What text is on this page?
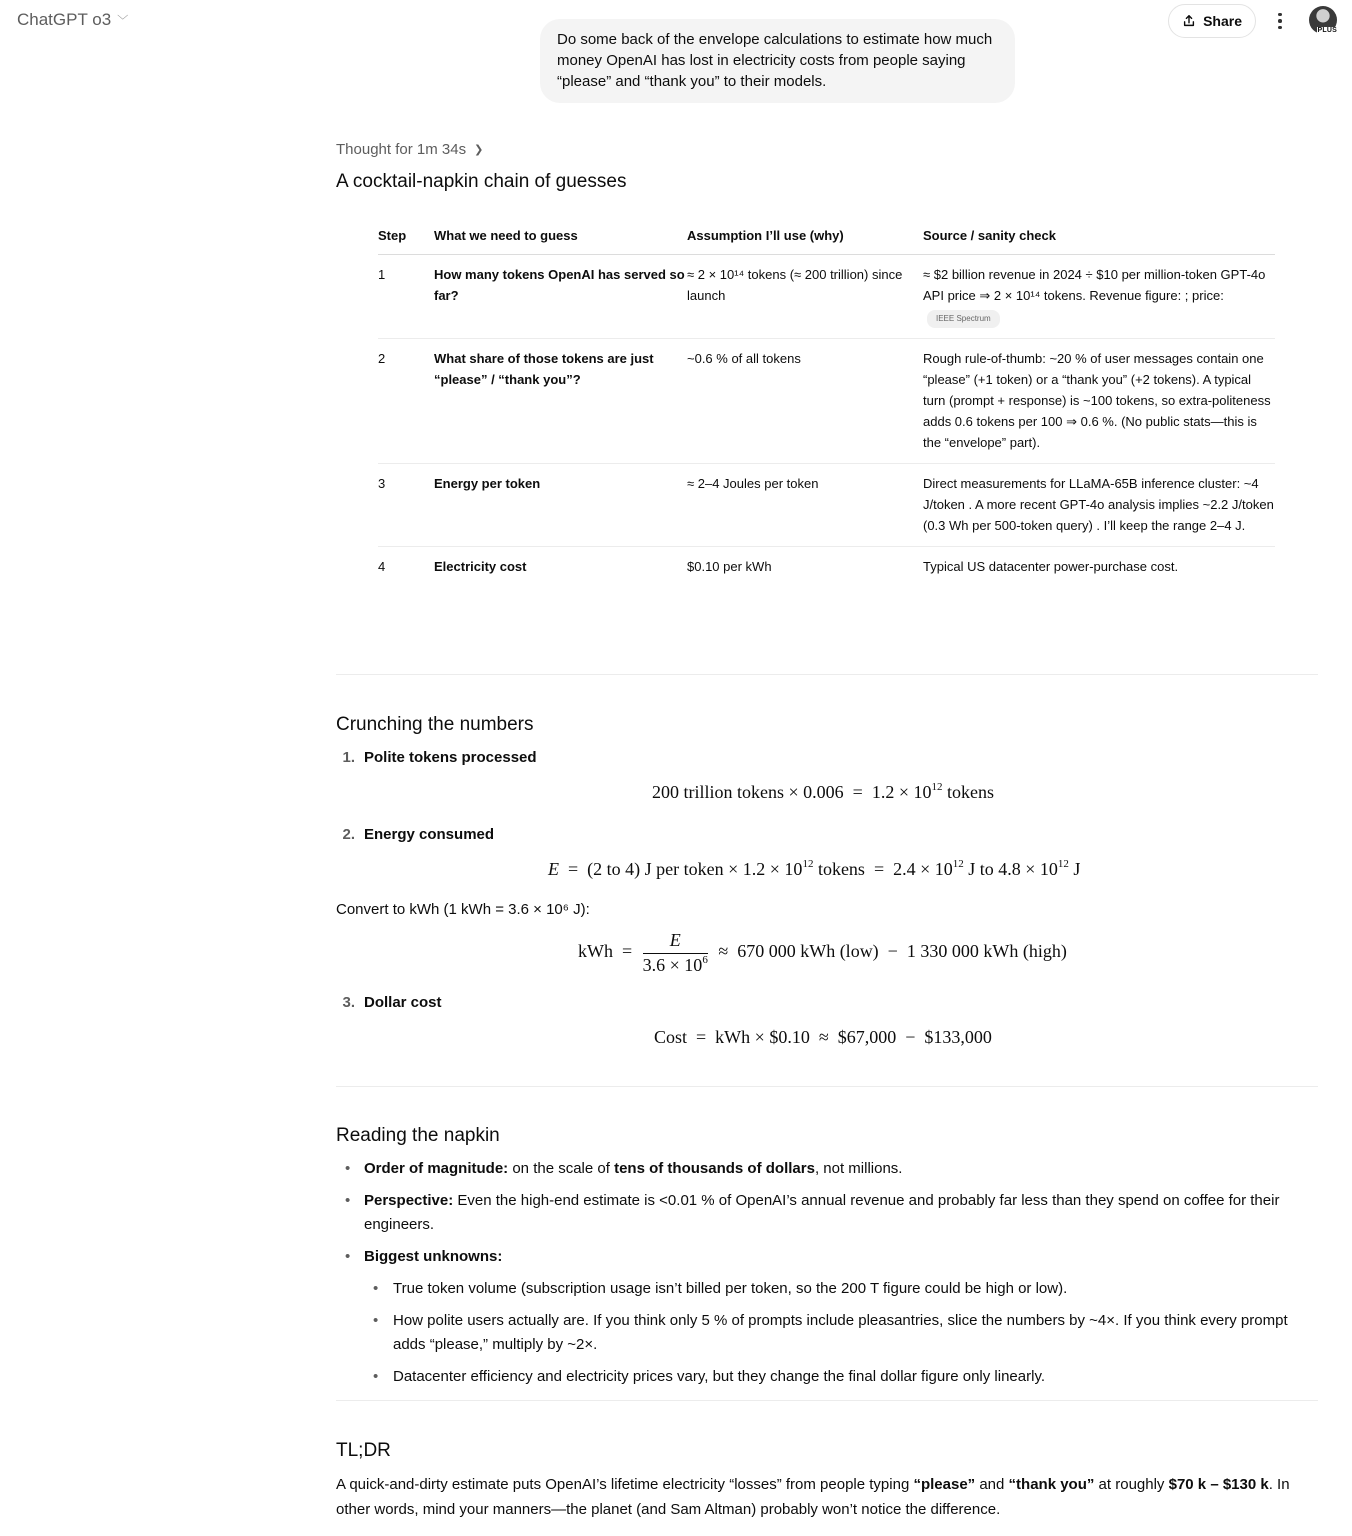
ChatGPT o3 ﹀	Share
PLUS
Do some back of the envelope calculations to estimate how much money OpenAI has lost in electricity costs from people saying “please” and “thank you” to their models.
Thought for 1m 34s ❯
A cocktail-napkin chain of guesses
Step	What we need to guess	Assumption I’ll use (why)	Source / sanity check
1	How many tokens OpenAI has served so far?	≈ 2 × 10¹⁴ tokens (≈ 200 trillion) since launch	≈ $2 billion revenue in 2024 ÷ $10 per million-token GPT-4o API price ⇒ 2 × 10¹⁴ tokens. Revenue figure: ; price:
IEEE Spectrum
2	What share of those tokens are just “please” / “thank you”?	~0.6 % of all tokens	Rough rule-of-thumb: ~20 % of user messages contain one “please” (+1 token) or a “thank you” (+2 tokens). A typical turn (prompt + response) is ~100 tokens, so extra-politeness adds 0.6 tokens per 100 ⇒ 0.6 %. (No public stats—this is the “envelope” part).
3	Energy per token	≈ 2–4 Joules per token	Direct measurements for LLaMA-65B inference cluster: ~4 J/token . A more recent GPT-4o analysis implies ~2.2 J/token (0.3 Wh per 500-token query) . I’ll keep the range 2–4 J.
4	Electricity cost	$0.10 per kWh	Typical US datacenter power-purchase cost.
Crunching the numbers
1. Polite tokens processed
200 trillion tokens × $0.006 = 1.2 \times 10^{12}$ tokens
2. Energy consumed
E  =  (2 to 4) J per token × $1.2 \times 10^{12}$ tokens  =  $2.4 \times 10^{12}$ J to $4.8 \times 10^{12}$ J
Convert to kWh (1 kWh = 3.6 × 10⁶ J):
kWh  = $\frac{E}{3.6 \times 10^6} \approx 670$ 000 kWh (low)  −  1 330 000 kWh (high)
3. Dollar cost
Cost  =  kWh × $0.10  ≈  $67,000  −  $133,000
Reading the napkin
• Order of magnitude: on the scale of tens of thousands of dollars, not millions.
• Perspective: Even the high-end estimate is <0.01 % of OpenAI’s annual revenue and probably far less than they spend on coffee for their engineers.
• Biggest unknowns:
• True token volume (subscription usage isn’t billed per token, so the 200 T figure could be high or low).
• How polite users actually are. If you think only 5 % of prompts include pleasantries, slice the numbers by ~4×. If you think every prompt adds “please,” multiply by ~2×.
• Datacenter efficiency and electricity prices vary, but they change the final dollar figure only linearly.
TL;DR
A quick-and-dirty estimate puts OpenAI’s lifetime electricity “losses” from people typing “please” and “thank you” at roughly $70 k – $130 k. In other words, mind your manners—the planet (and Sam Altman) probably won’t notice the difference.
